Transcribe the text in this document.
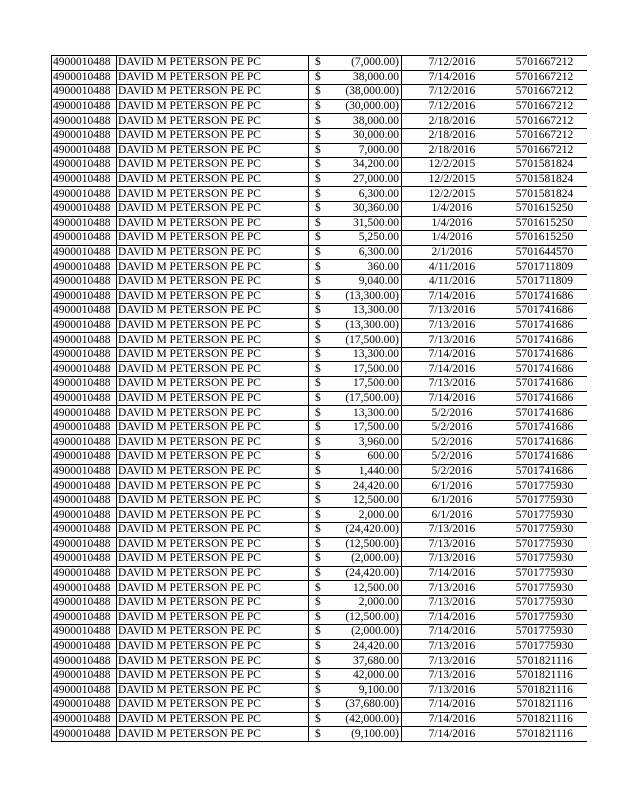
4900010488	DAVID M PETERSON PE PC	$	(7,000.00)	7/12/2016	5701667212
4900010488	DAVID M PETERSON PE PC	$	38,000.00	7/14/2016	5701667212
4900010488	DAVID M PETERSON PE PC	$	(38,000.00)	7/12/2016	5701667212
4900010488	DAVID M PETERSON PE PC	$	(30,000.00)	7/12/2016	5701667212
4900010488	DAVID M PETERSON PE PC	$	38,000.00	2/18/2016	5701667212
4900010488	DAVID M PETERSON PE PC	$	30,000.00	2/18/2016	5701667212
4900010488	DAVID M PETERSON PE PC	$	7,000.00	2/18/2016	5701667212
4900010488	DAVID M PETERSON PE PC	$	34,200.00	12/2/2015	5701581824
4900010488	DAVID M PETERSON PE PC	$	27,000.00	12/2/2015	5701581824
4900010488	DAVID M PETERSON PE PC	$	6,300.00	12/2/2015	5701581824
4900010488	DAVID M PETERSON PE PC	$	30,360.00	1/4/2016	5701615250
4900010488	DAVID M PETERSON PE PC	$	31,500.00	1/4/2016	5701615250
4900010488	DAVID M PETERSON PE PC	$	5,250.00	1/4/2016	5701615250
4900010488	DAVID M PETERSON PE PC	$	6,300.00	2/1/2016	5701644570
4900010488	DAVID M PETERSON PE PC	$	360.00	4/11/2016	5701711809
4900010488	DAVID M PETERSON PE PC	$	9,040.00	4/11/2016	5701711809
4900010488	DAVID M PETERSON PE PC	$	(13,300.00)	7/14/2016	5701741686
4900010488	DAVID M PETERSON PE PC	$	13,300.00	7/13/2016	5701741686
4900010488	DAVID M PETERSON PE PC	$	(13,300.00)	7/13/2016	5701741686
4900010488	DAVID M PETERSON PE PC	$	(17,500.00)	7/13/2016	5701741686
4900010488	DAVID M PETERSON PE PC	$	13,300.00	7/14/2016	5701741686
4900010488	DAVID M PETERSON PE PC	$	17,500.00	7/14/2016	5701741686
4900010488	DAVID M PETERSON PE PC	$	17,500.00	7/13/2016	5701741686
4900010488	DAVID M PETERSON PE PC	$	(17,500.00)	7/14/2016	5701741686
4900010488	DAVID M PETERSON PE PC	$	13,300.00	5/2/2016	5701741686
4900010488	DAVID M PETERSON PE PC	$	17,500.00	5/2/2016	5701741686
4900010488	DAVID M PETERSON PE PC	$	3,960.00	5/2/2016	5701741686
4900010488	DAVID M PETERSON PE PC	$	600.00	5/2/2016	5701741686
4900010488	DAVID M PETERSON PE PC	$	1,440.00	5/2/2016	5701741686
4900010488	DAVID M PETERSON PE PC	$	24,420.00	6/1/2016	5701775930
4900010488	DAVID M PETERSON PE PC	$	12,500.00	6/1/2016	5701775930
4900010488	DAVID M PETERSON PE PC	$	2,000.00	6/1/2016	5701775930
4900010488	DAVID M PETERSON PE PC	$	(24,420.00)	7/13/2016	5701775930
4900010488	DAVID M PETERSON PE PC	$	(12,500.00)	7/13/2016	5701775930
4900010488	DAVID M PETERSON PE PC	$	(2,000.00)	7/13/2016	5701775930
4900010488	DAVID M PETERSON PE PC	$	(24,420.00)	7/14/2016	5701775930
4900010488	DAVID M PETERSON PE PC	$	12,500.00	7/13/2016	5701775930
4900010488	DAVID M PETERSON PE PC	$	2,000.00	7/13/2016	5701775930
4900010488	DAVID M PETERSON PE PC	$	(12,500.00)	7/14/2016	5701775930
4900010488	DAVID M PETERSON PE PC	$	(2,000.00)	7/14/2016	5701775930
4900010488	DAVID M PETERSON PE PC	$	24,420.00	7/13/2016	5701775930
4900010488	DAVID M PETERSON PE PC	$	37,680.00	7/13/2016	5701821116
4900010488	DAVID M PETERSON PE PC	$	42,000.00	7/13/2016	5701821116
4900010488	DAVID M PETERSON PE PC	$	9,100.00	7/13/2016	5701821116
4900010488	DAVID M PETERSON PE PC	$	(37,680.00)	7/14/2016	5701821116
4900010488	DAVID M PETERSON PE PC	$	(42,000.00)	7/14/2016	5701821116
4900010488	DAVID M PETERSON PE PC	$	(9,100.00)	7/14/2016	5701821116
